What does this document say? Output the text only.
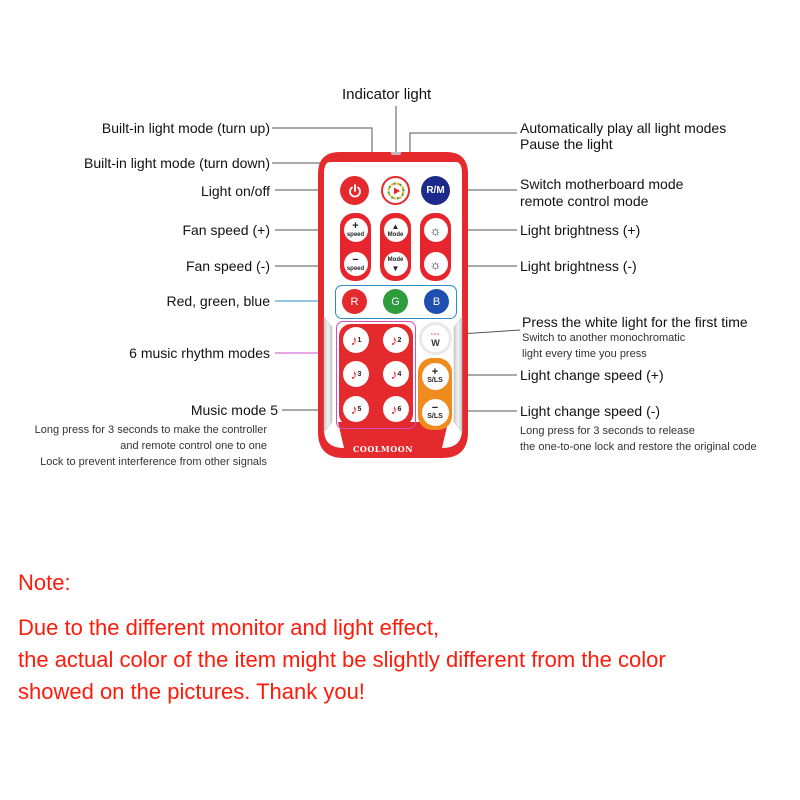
R/M
+
speed
−
speed
▲
Mode
Mode
▼
☼
☼
R	G	B
♪ 1	♪ 2
♪ 3	♪ 4
♪ 5	♪ 6
•••
W
+
S/LS
−
S/LS
COOLMOON
Indicator light
Built-in light mode (turn up)
Built-in light mode (turn down)
Light on/off
Fan speed (+)
Fan speed (-)
Red, green, blue
6 music rhythm modes
Music mode 5
Long press for 3 seconds to make the controller
and remote control one to one
Lock to prevent interference from other signals
Automatically play all light modes
Pause the light
Switch motherboard mode
remote control mode
Light brightness (+)
Light brightness (-)
Press the white light for the first time
Switch to another monochromatic
light every time you press
Light change speed (+)
Light change speed (-)
Long press for 3 seconds to release
the one-to-one lock and restore the original code
Note:
Due to the different monitor and light effect,
the actual color of the item might be slightly different from the color
showed on the pictures. Thank you!
